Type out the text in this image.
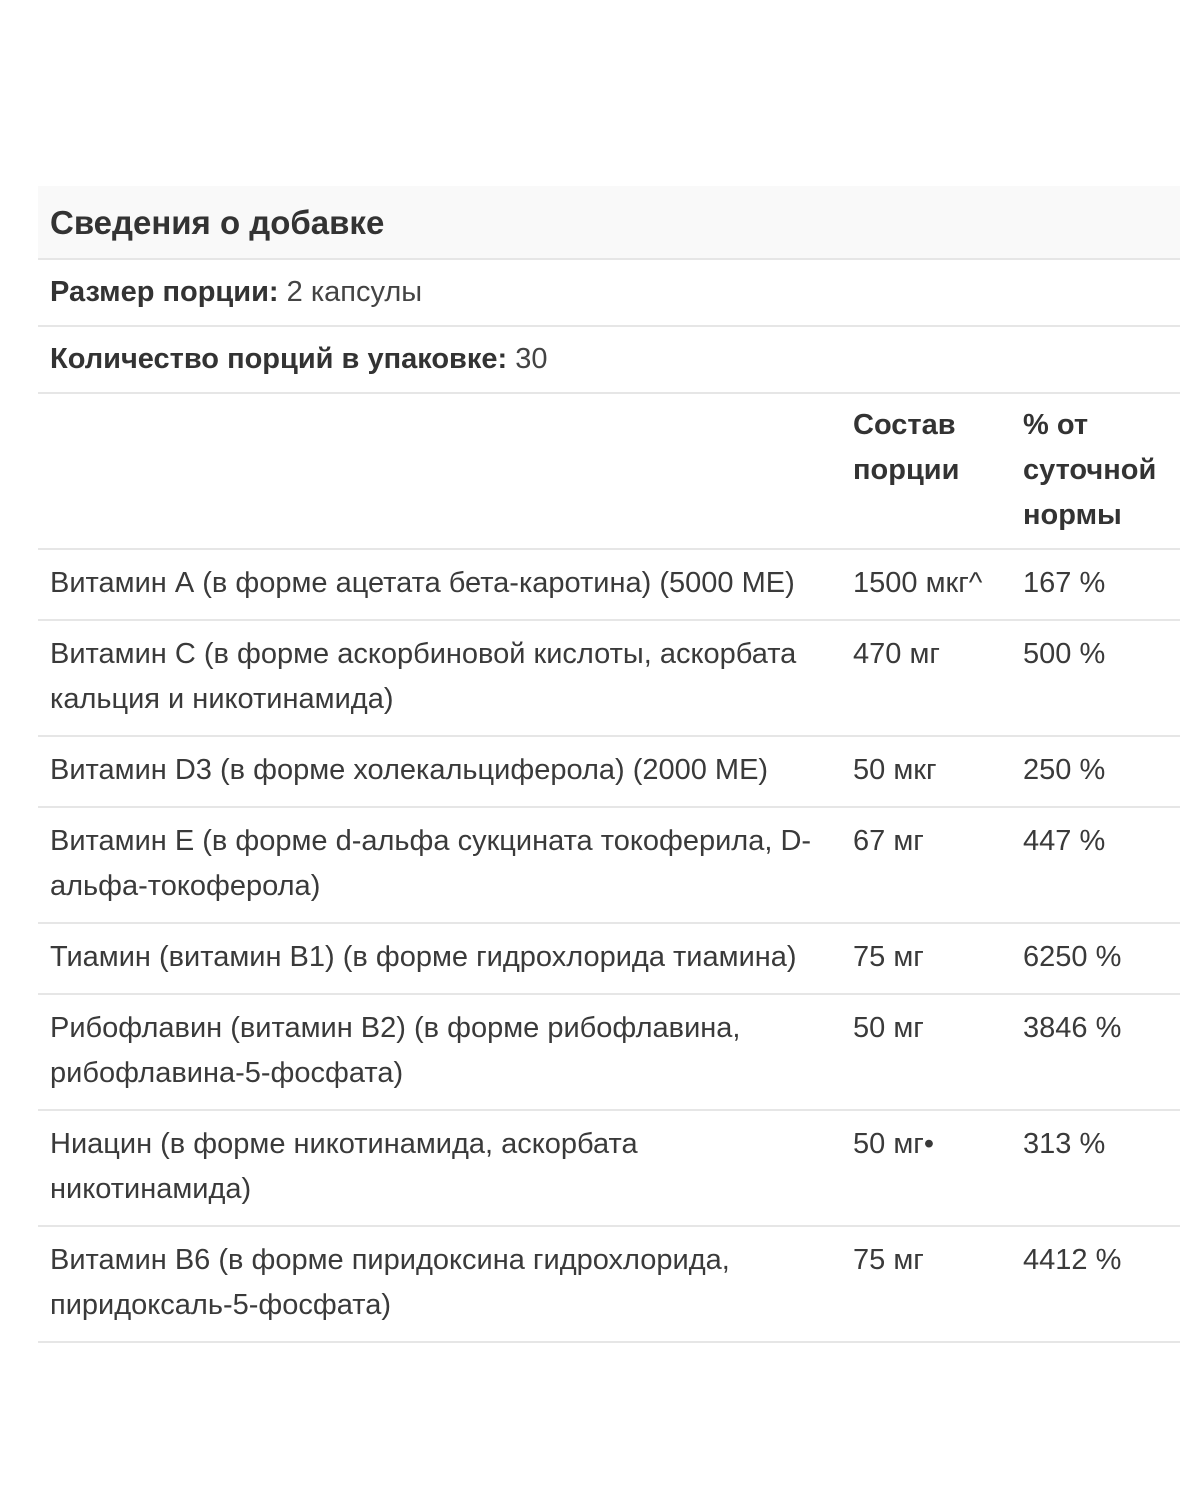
Сведения о добавке
Размер порции: 2 капсулы
Количество порций в упаковке: 30
	Состав порции	% от суточной нормы
Витамин А (в форме ацетата бета-каротина) (5000 МЕ)	1500 мкг^	167 %
Витамин С (в форме аскорбиновой кислоты, аскорбата кальция и никотинамида)	470 мг	500 %
Витамин D3 (в форме холекальциферола) (2000 МЕ)	50 мкг	250 %
Витамин Е (в форме d-альфа сукцината токоферила, D-альфа-токоферола)	67 мг	447 %
Тиамин (витамин В1) (в форме гидрохлорида тиамина)	75 мг	6250 %
Рибофлавин (витамин В2) (в форме рибофлавина, рибофлавина-5-фосфата)	50 мг	3846 %
Ниацин (в форме никотинамида, аскорбата никотинамида)	50 мг•	313 %
Витамин В6 (в форме пиридоксина гидрохлорида, пиридоксаль-5-фосфата)	75 мг	4412 %
